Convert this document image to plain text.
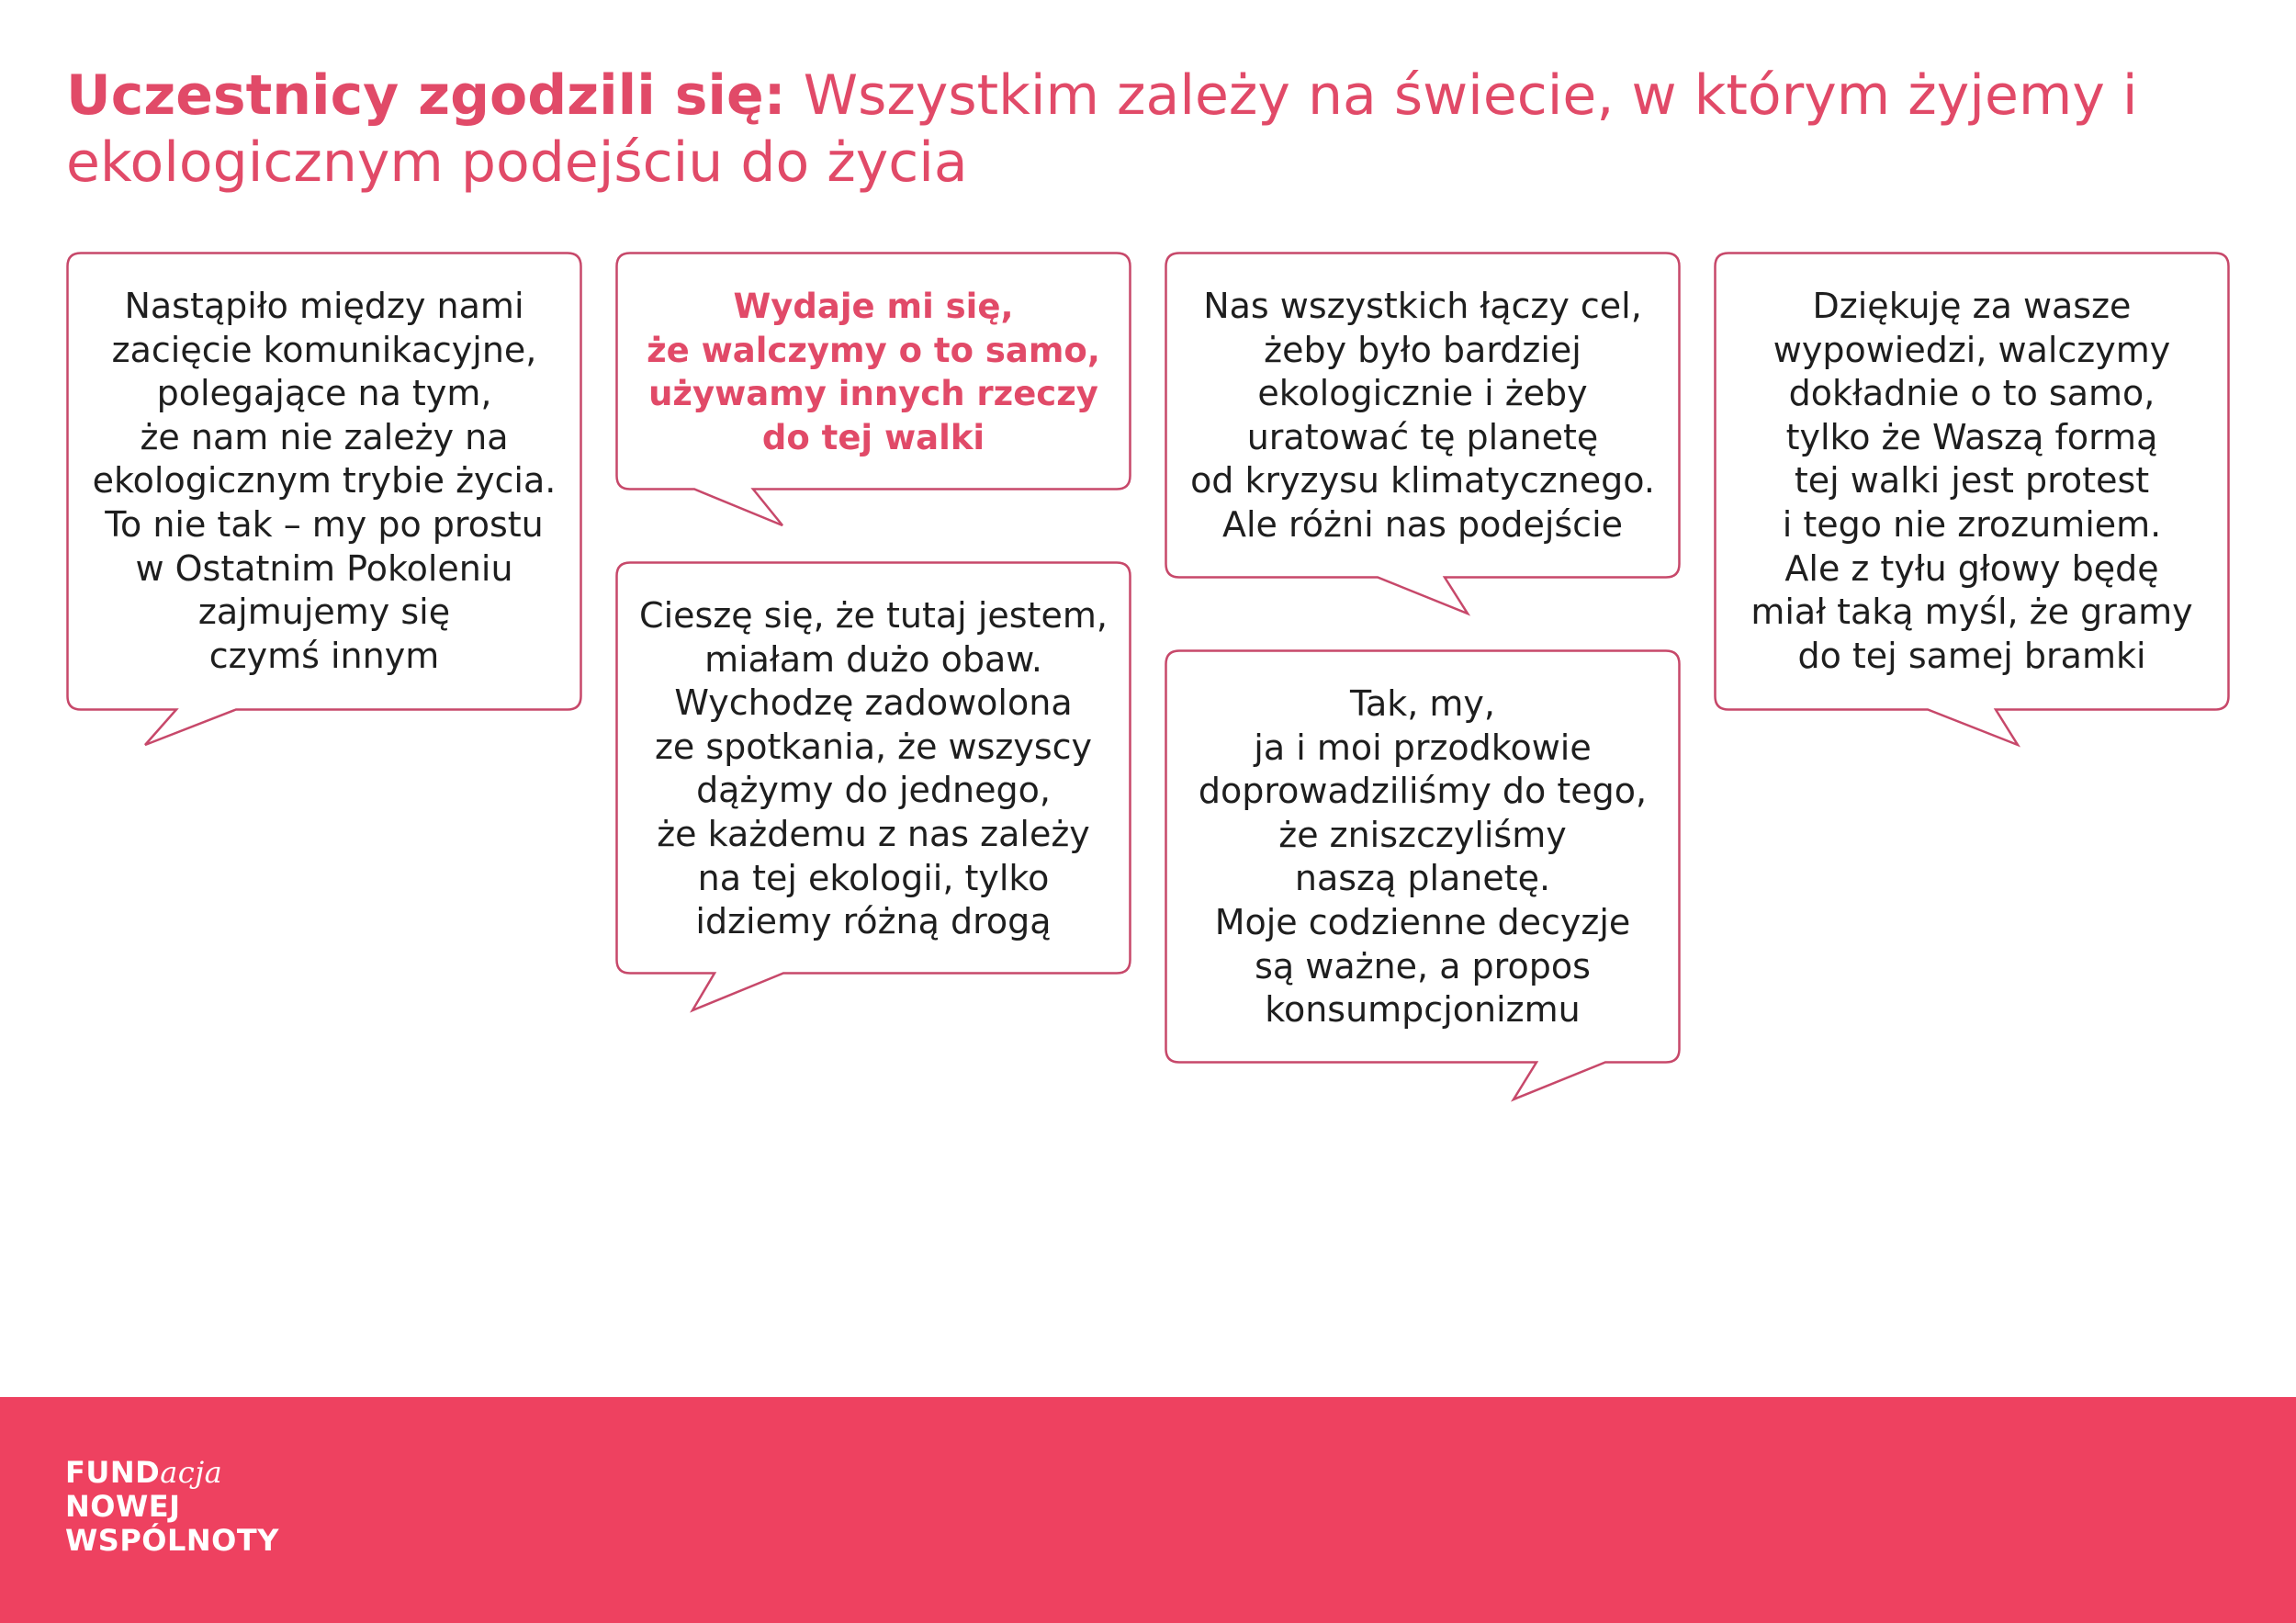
Uczestnicy zgodzili się: Wszystkim zależy na świecie, w którym żyjemy i ekologicznym podejściu do życia
Nastąpiło między nami
zacięcie komunikacyjne,
polegające na tym,
że nam nie zależy na
ekologicznym trybie życia.
To nie tak – my po prostu
w Ostatnim Pokoleniu
zajmujemy się
czymś innym
Wydaje mi się,
że walczymy o to samo,
używamy innych rzeczy
do tej walki
Cieszę się, że tutaj jestem,
miałam dużo obaw.
Wychodzę zadowolona
ze spotkania, że wszyscy
dążymy do jednego,
że każdemu z nas zależy
na tej ekologii, tylko
idziemy różną drogą
Nas wszystkich łączy cel,
żeby było bardziej
ekologicznie i żeby
uratować tę planetę
od kryzysu klimatycznego.
Ale różni nas podejście
Tak, my,
ja i moi przodkowie
doprowadziliśmy do tego,
że zniszczyliśmy
naszą planetę.
Moje codzienne decyzje
są ważne, a propos
konsumpcjonizmu
Dziękuję za wasze
wypowiedzi, walczymy
dokładnie o to samo,
tylko że Waszą formą
tej walki jest protest
i tego nie zrozumiem.
Ale z tyłu głowy będę
miał taką myśl, że gramy
do tej samej bramki
FUNDacja
NOWEJ
WSPÓLNOTY
